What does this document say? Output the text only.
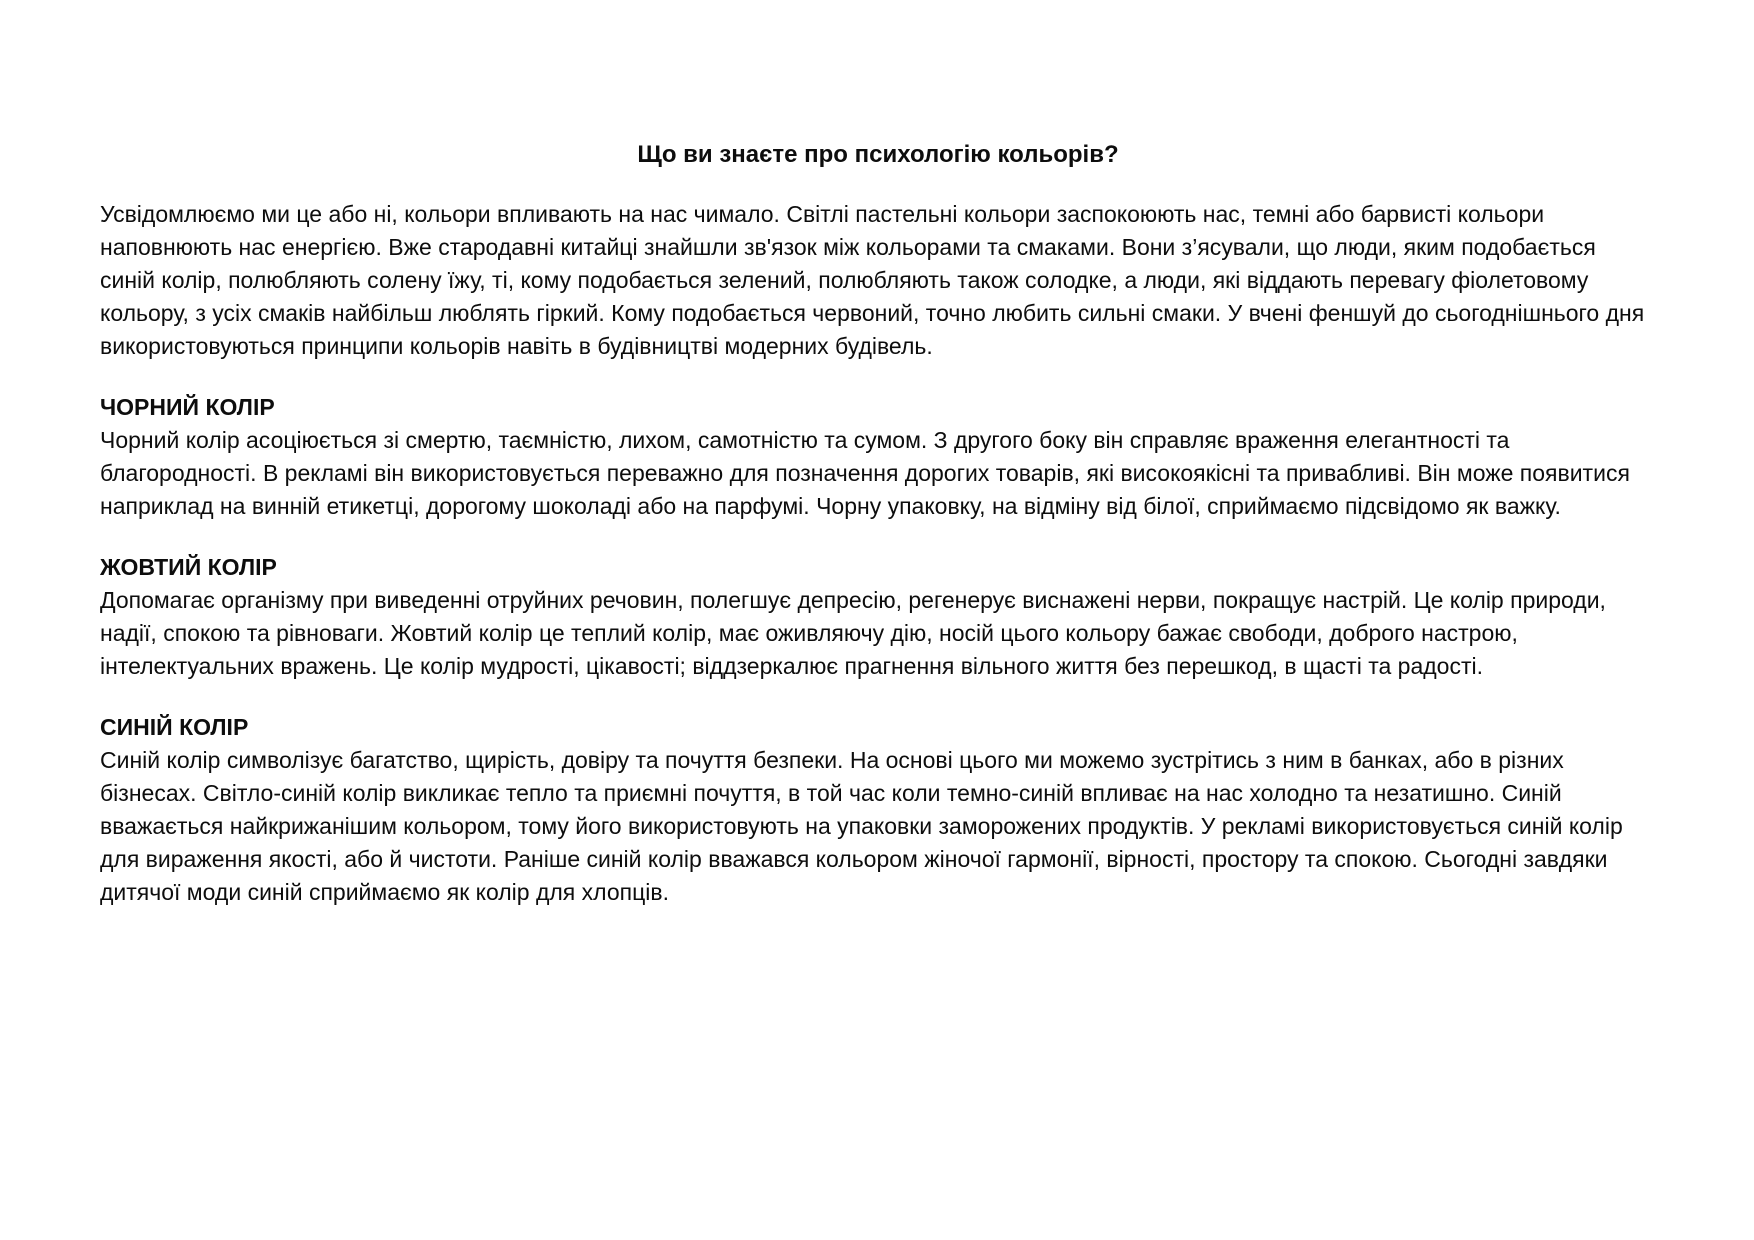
Що ви знаєте про психологію кольорів?

Усвідомлюємо ми це або ні, кольори впливають на нас чимало. Світлі пастельні кольори заспокоюють нас, темні або барвисті кольори наповнюють нас енергією. Вже стародавні китайці знайшли зв'язок між кольорами та смаками. Вони з’ясували, що люди, яким подобається синій колір, полюбляють солену їжу, ті, кому подобається зелений, полюбляють також солодке, а люди, які віддають перевагу фіолетовому кольору, з усіх смаків найбільш люблять гіркий. Кому подобається червоний, точно любить сильні смаки. У вчені феншуй до сьогоднішнього дня використовуються принципи кольорів навіть в будівництві модерних будівель.

ЧОРНИЙ КОЛІР

Чорний колір асоціюється зі смертю, таємністю, лихом, самотністю та сумом. З другого боку він справляє враження елегантності та благородності. В рекламі він використовується переважно для позначення дорогих товарів, які високоякісні та привабливі. Він може появитися наприклад на винній етикетці, дорогому шоколаді або на парфумі. Чорну упаковку, на відміну від білої, сприймаємо підсвідомо як важку.

ЖОВТИЙ КОЛІР

Допомагає організму при виведенні отруйних речовин, полегшує депресію, регенерує виснажені нерви, покращує настрій. Це колір природи, надії, спокою та рівноваги. Жовтий колір це теплий колір, має оживляючу дію, носій цього кольору бажає свободи, доброго настрою, інтелектуальних вражень. Це колір мудрості, цікавості; віддзеркалює прагнення вільного життя без перешкод, в щасті та радості.

СИНІЙ КОЛІР

Синій колір символізує багатство, щирість, довіру та почуття безпеки. На основі цього ми можемо зустрітись з ним в банках, або в різних бізнесах. Світло-синій колір викликає тепло та приємні почуття, в той час коли темно-синій впливає на нас холодно та незатишно. Синій вважається найкрижанішим кольором, тому його використовують на упаковки заморожених продуктів. У рекламі використовується синій колір для вираження якості, або й чистоти. Раніше синій колір вважався кольором жіночої гармонії, вірності, простору та спокою. Сьогодні завдяки дитячої моди синій сприймаємо як колір для хлопців.
